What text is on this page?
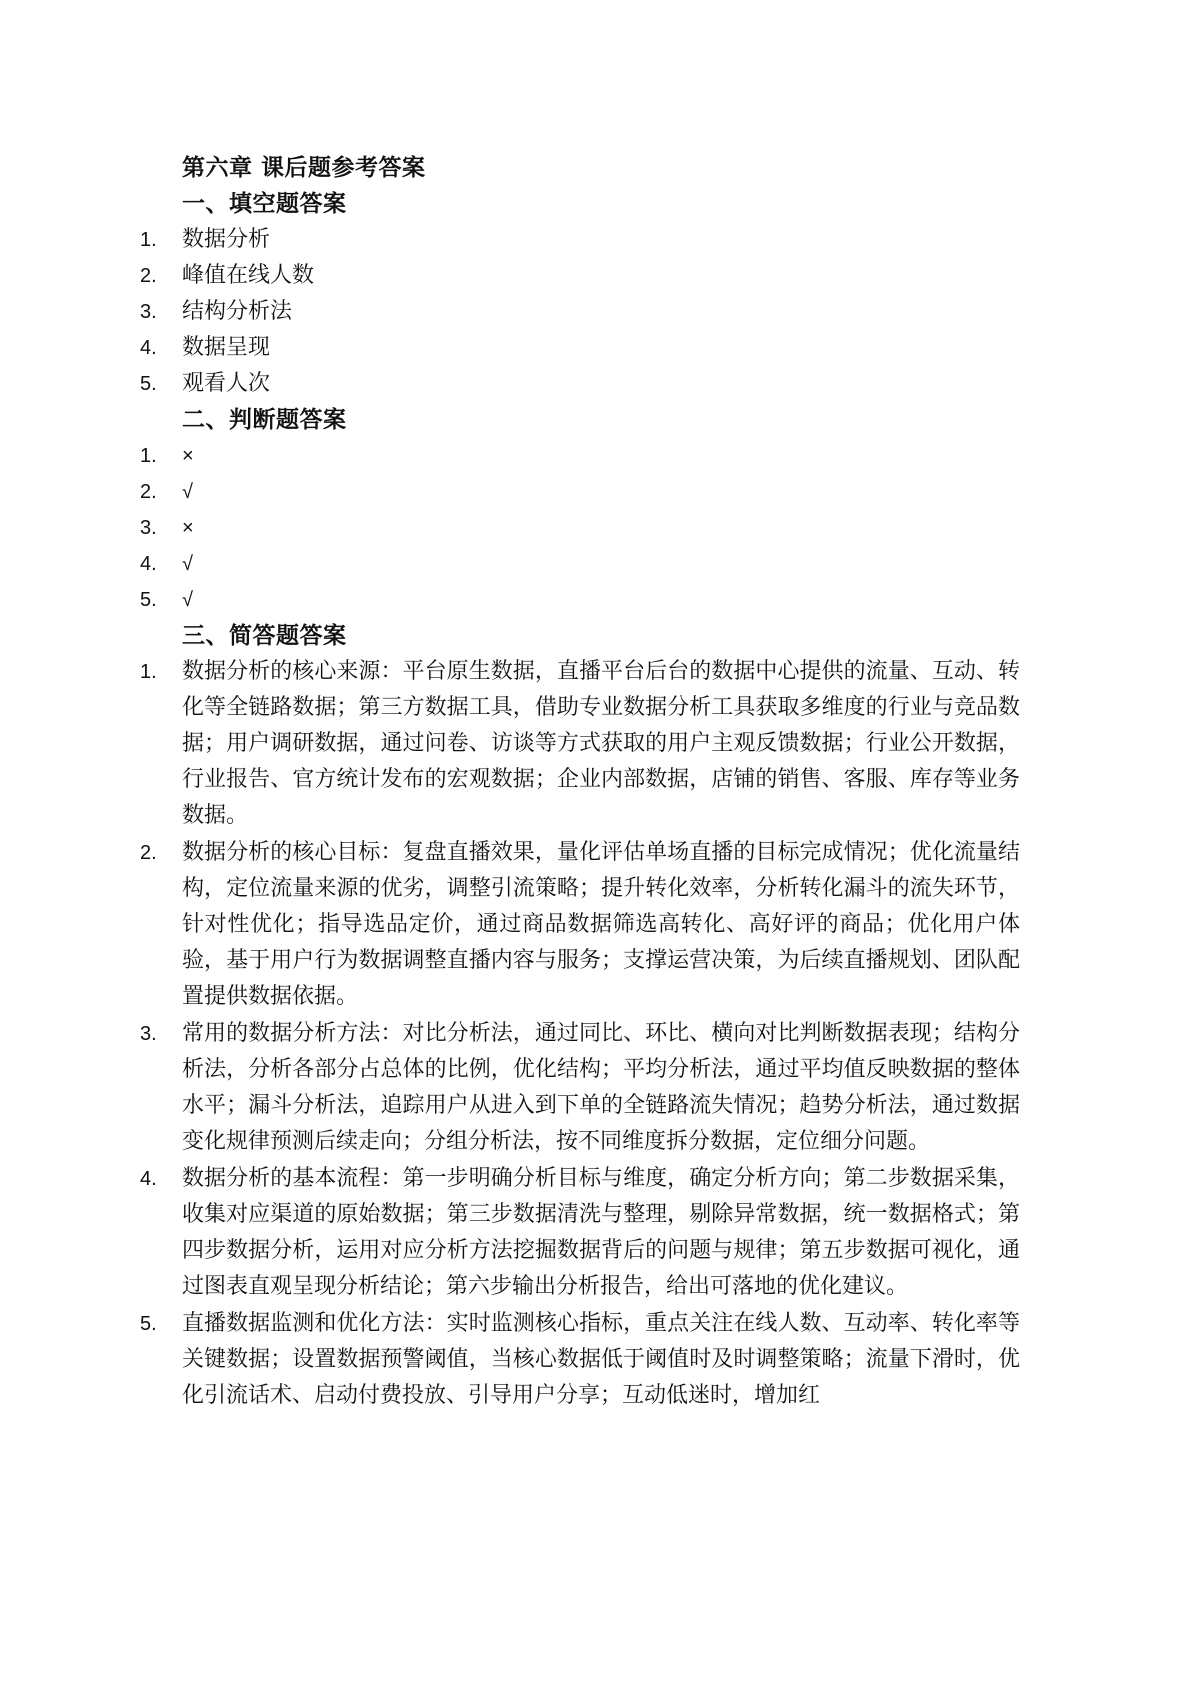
第六章 课后题参考答案
一、填空题答案
1.	数据分析
2.	峰值在线人数
3.	结构分析法
4.	数据呈现
5.	观看人次
二、判断题答案
1.	×
2.	√
3.	×
4.	√
5.	√
三、简答题答案
1.	数据分析的核心来源：平台原生数据，直播平台后台的数据中心提供的流量、互动、转化等全链路数据；第三方数据工具，借助专业数据分析工具获取多维度的行业与竞品数据；用户调研数据，通过问卷、访谈等方式获取的用户主观反馈数据；行业公开数据，行业报告、官方统计发布的宏观数据；企业内部数据，店铺的销售、客服、库存等业务数据。
2.	数据分析的核心目标：复盘直播效果，量化评估单场直播的目标完成情况；优化流量结构，定位流量来源的优劣，调整引流策略；提升转化效率，分析转化漏斗的流失环节，针对性优化；指导选品定价，通过商品数据筛选高转化、高好评的商品；优化用户体验，基于用户行为数据调整直播内容与服务；支撑运营决策，为后续直播规划、团队配置提供数据依据。
3.	常用的数据分析方法：对比分析法，通过同比、环比、横向对比判断数据表现；结构分析法，分析各部分占总体的比例，优化结构；平均分析法，通过平均值反映数据的整体水平；漏斗分析法，追踪用户从进入到下单的全链路流失情况；趋势分析法，通过数据变化规律预测后续走向；分组分析法，按不同维度拆分数据，定位细分问题。
4.	数据分析的基本流程：第一步明确分析目标与维度，确定分析方向；第二步数据采集，收集对应渠道的原始数据；第三步数据清洗与整理，剔除异常数据，统一数据格式；第四步数据分析，运用对应分析方法挖掘数据背后的问题与规律；第五步数据可视化，通过图表直观呈现分析结论；第六步输出分析报告，给出可落地的优化建议。
5.	直播数据监测和优化方法：实时监测核心指标，重点关注在线人数、互动率、转化率等关键数据；设置数据预警阈值，当核心数据低于阈值时及时调整策略；流量下滑时，优化引流话术、启动付费投放、引导用户分享；互动低迷时，增加红
